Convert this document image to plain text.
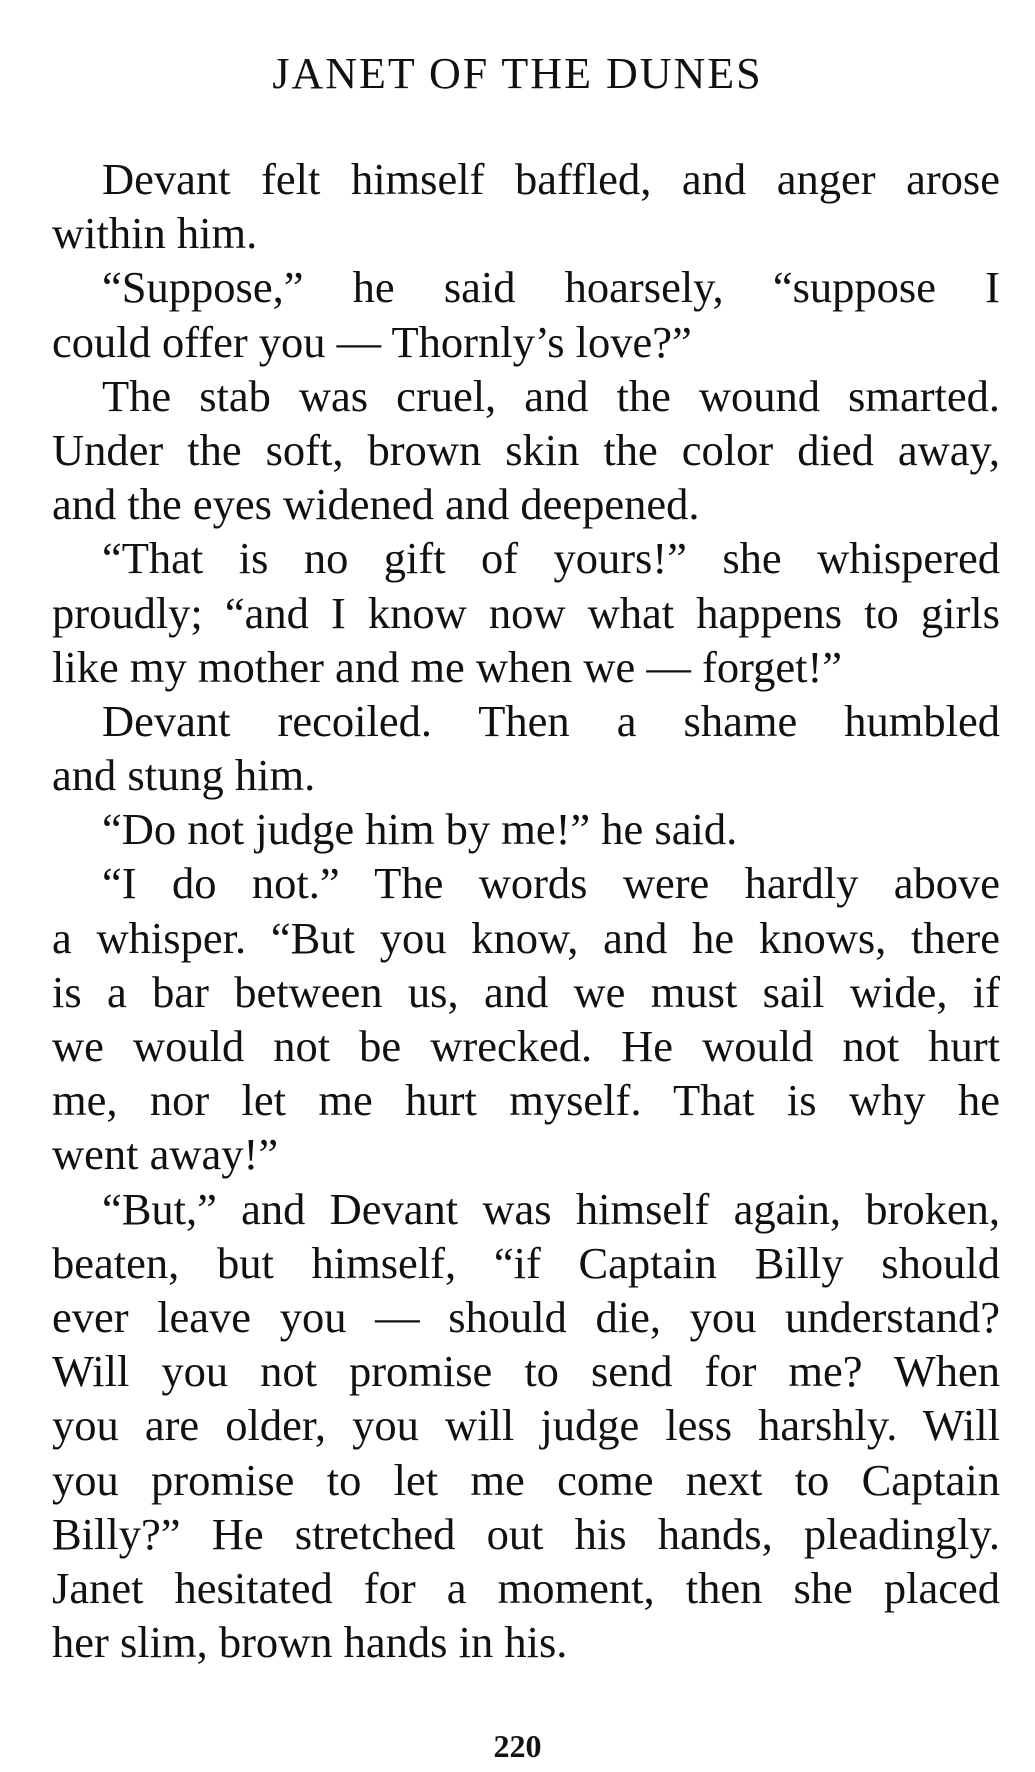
JANET OF THE DUNES
Devant felt himself baffled, and anger arose
within him.
“Suppose,” he said hoarsely, “suppose I
could offer you — Thornly’s love?”
The stab was cruel, and the wound smarted.
Under the soft, brown skin the color died away,
and the eyes widened and deepened.
“That is no gift of yours!” she whispered
proudly; “and I know now what happens to girls
like my mother and me when we — forget!”
Devant recoiled. Then a shame humbled
and stung him.
“Do not judge him by me!” he said.
“I do not.” The words were hardly above
a whisper. “But you know, and he knows, there
is a bar between us, and we must sail wide, if
we would not be wrecked. He would not hurt
me, nor let me hurt myself. That is why he
went away!”
“But,” and Devant was himself again, broken,
beaten, but himself, “if Captain Billy should
ever leave you — should die, you understand?
Will you not promise to send for me? When
you are older, you will judge less harshly. Will
you promise to let me come next to Captain
Billy?” He stretched out his hands, pleadingly.
Janet hesitated for a moment, then she placed
her slim, brown hands in his.
220
